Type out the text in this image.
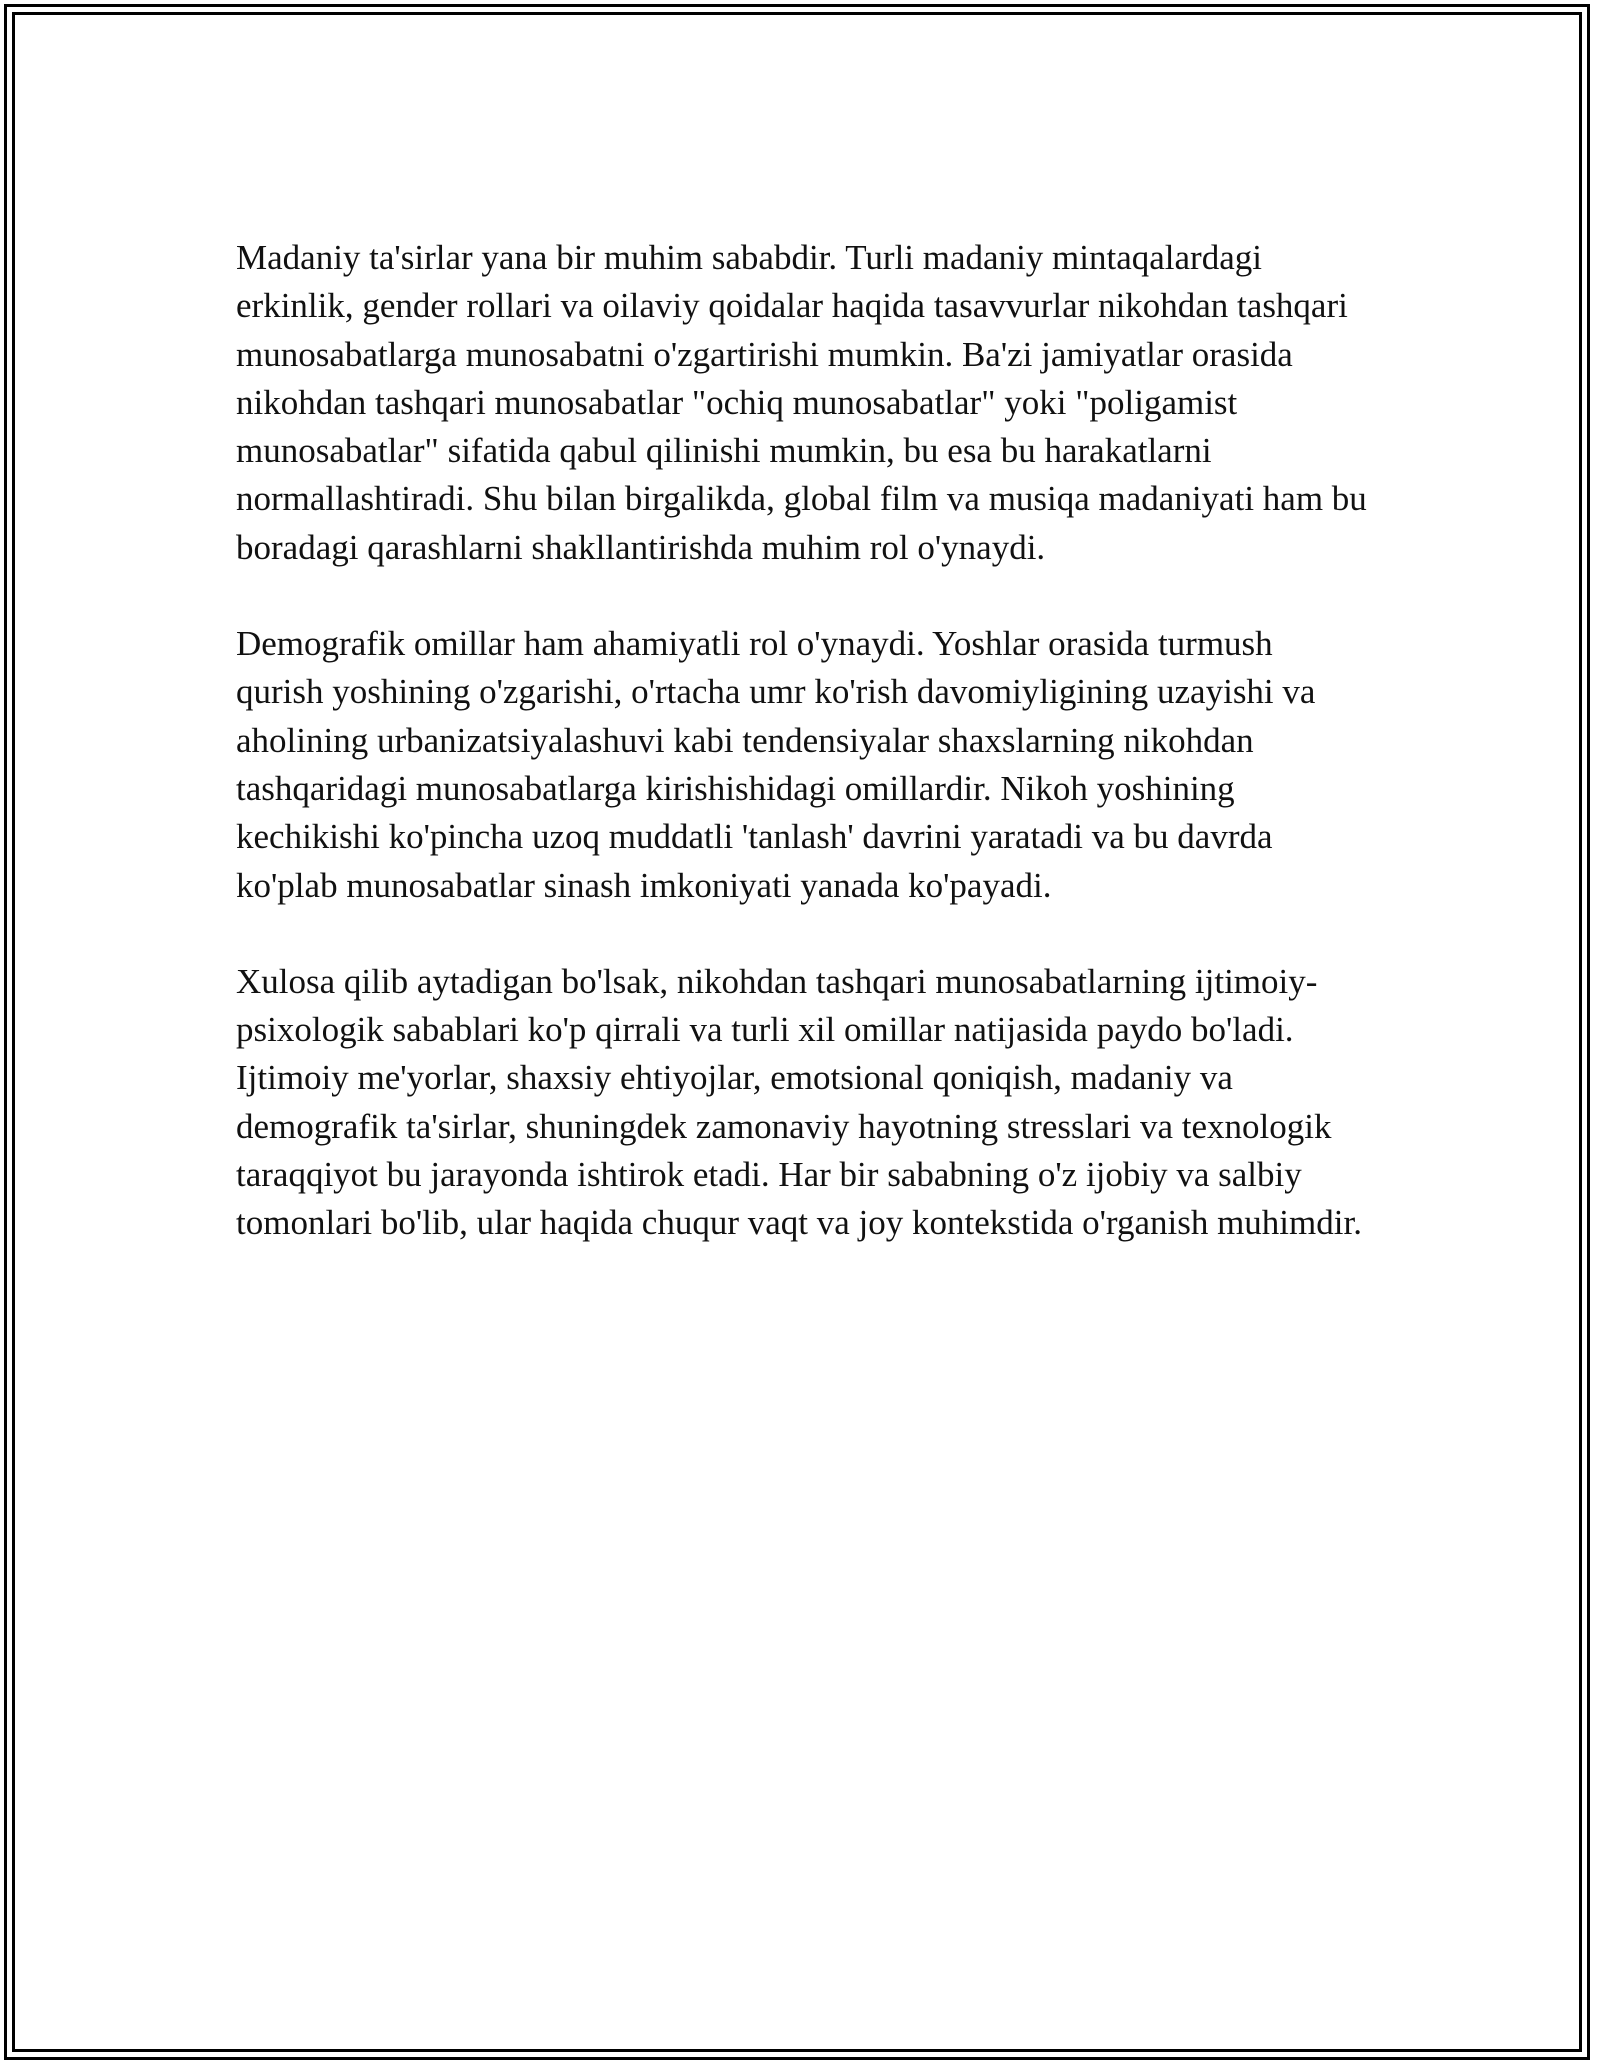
Madaniy ta'sirlar yana bir muhim sababdir. Turli madaniy mintaqalardagi erkinlik, gender rollari va oilaviy qoidalar haqida tasavvurlar nikohdan tashqari munosabatlarga munosabatni o'zgartirishi mumkin. Ba'zi jamiyatlar orasida nikohdan tashqari munosabatlar "ochiq munosabatlar" yoki "poligamist munosabatlar" sifatida qabul qilinishi mumkin, bu esa bu harakatlarni normallashtiradi. Shu bilan birgalikda, global film va musiqa madaniyati ham bu boradagi qarashlarni shakllantirishda muhim rol o'ynaydi.

Demografik omillar ham ahamiyatli rol o'ynaydi. Yoshlar orasida turmush qurish yoshining o'zgarishi, o'rtacha umr ko'rish davomiyligining uzayishi va aholining urbanizatsiyalashuvi kabi tendensiyalar shaxslarning nikohdan tashqaridagi munosabatlarga kirishishidagi omillardir. Nikoh yoshining kechikishi ko'pincha uzoq muddatli 'tanlash' davrini yaratadi va bu davrda ko'plab munosabatlar sinash imkoniyati yanada ko'payadi.

Xulosa qilib aytadigan bo'lsak, nikohdan tashqari munosabatlarning ijtimoiy-psixologik sabablari ko'p qirrali va turli xil omillar natijasida paydo bo'ladi. Ijtimoiy me'yorlar, shaxsiy ehtiyojlar, emotsional qoniqish, madaniy va demografik ta'sirlar, shuningdek zamonaviy hayotning stresslari va texnologik taraqqiyot bu jarayonda ishtirok etadi. Har bir sababning o'z ijobiy va salbiy tomonlari bo'lib, ular haqida chuqur vaqt va joy kontekstida o'rganish muhimdir.
